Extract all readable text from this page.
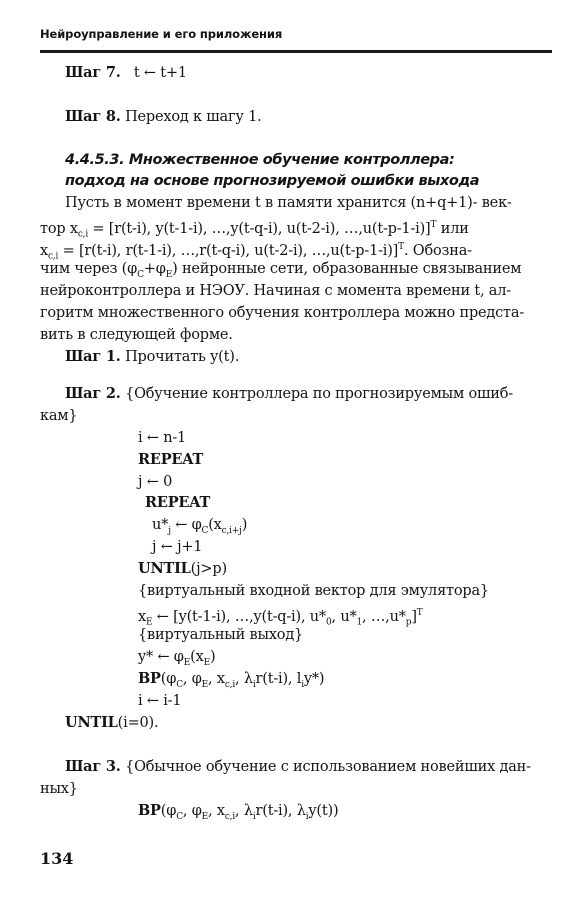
Нейроуправление и его приложения
Шаг 7.   t ← t+1
Шаг 8. Переход к шагу 1.
4.4.5.3. Множественное обучение контроллера:
подход на основе прогнозируемой ошибки выхода
Пусть в момент времени t в памяти хранится (n+q+1)- век-
тор $x_{c,i} = [r(t-i)$, y(t-1-i), …,y(t-q-i), u(t-2-i), …,u(t-p-1-i)]$^T$ или
$x_{c,i} = [r(t-i)$, r(t-1-i), …,r(t-q-i), u(t-2-i), …,u(t-p-1-i)]$^T$. Обозна-
чим через $(\varphi_C+\varphi_E)$ нейронные сети, образованные связыванием
нейроконтроллера и НЭОУ. Начиная с момента времени t, ал-
горитм множественного обучения контроллера можно предста-
вить в следующей форме.
Шаг 1. Прочитать y(t).
Шаг 2. {Обучение контроллера по прогнозируемым ошиб-
кам}
i ← n-1
REPEAT
j ← 0
REPEAT
$u*_j$ ← $\varphi_C(x_{c,i+j})$
j ← j+1
UNTIL(j>p)
{виртуальный входной вектор для эмулятора}
$x_E$ ← [y(t-1-i), …,y(t-q-i), $u*_0$, $u*_1$, $\dots,u*_p]^T$
{виртуальный выход}
y* ← $\varphi_E(x_E)$
$BP(\varphi_C$, $\varphi_E$, $x_{c,i}$, $\lambda_ir(t-i)$, $l_iy*$)
i ← i-1
UNTIL(i=0).
Шаг 3. {Обычное обучение с использованием новейших дан-
ных}
$BP(\varphi_C$, $\varphi_E$, $x_{c,i}$, $\lambda_ir(t-i)$, $\lambda_iy(t)$)
134
